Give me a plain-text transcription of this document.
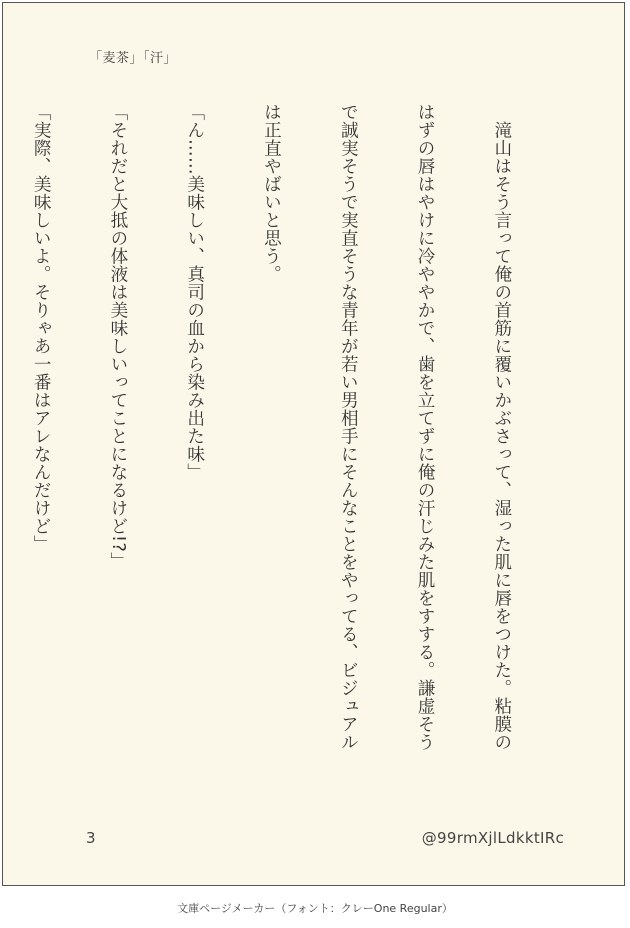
「麦茶」「汗」

　滝山はそう言って俺の首筋に覆いかぶさって、湿った肌に唇をつけた。粘膜の

はずの唇はやけに冷ややかで、歯を立てずに俺の汗じみた肌をすする。謙虚そう

で誠実そうで実直そうな青年が若い男相手にそんなことをやってる、ビジュアル

は正直やばいと思う。

「ん……美味しい、真司の血から染み出た味」

「それだと大抵の体液は美味しいってことになるけど!?」

「実際、美味しいよ。そりゃあ一番はアレなんだけど」

3	@99rmXjlLdkktIRc
文庫ページメーカー（フォント：クレーOne Regular）
